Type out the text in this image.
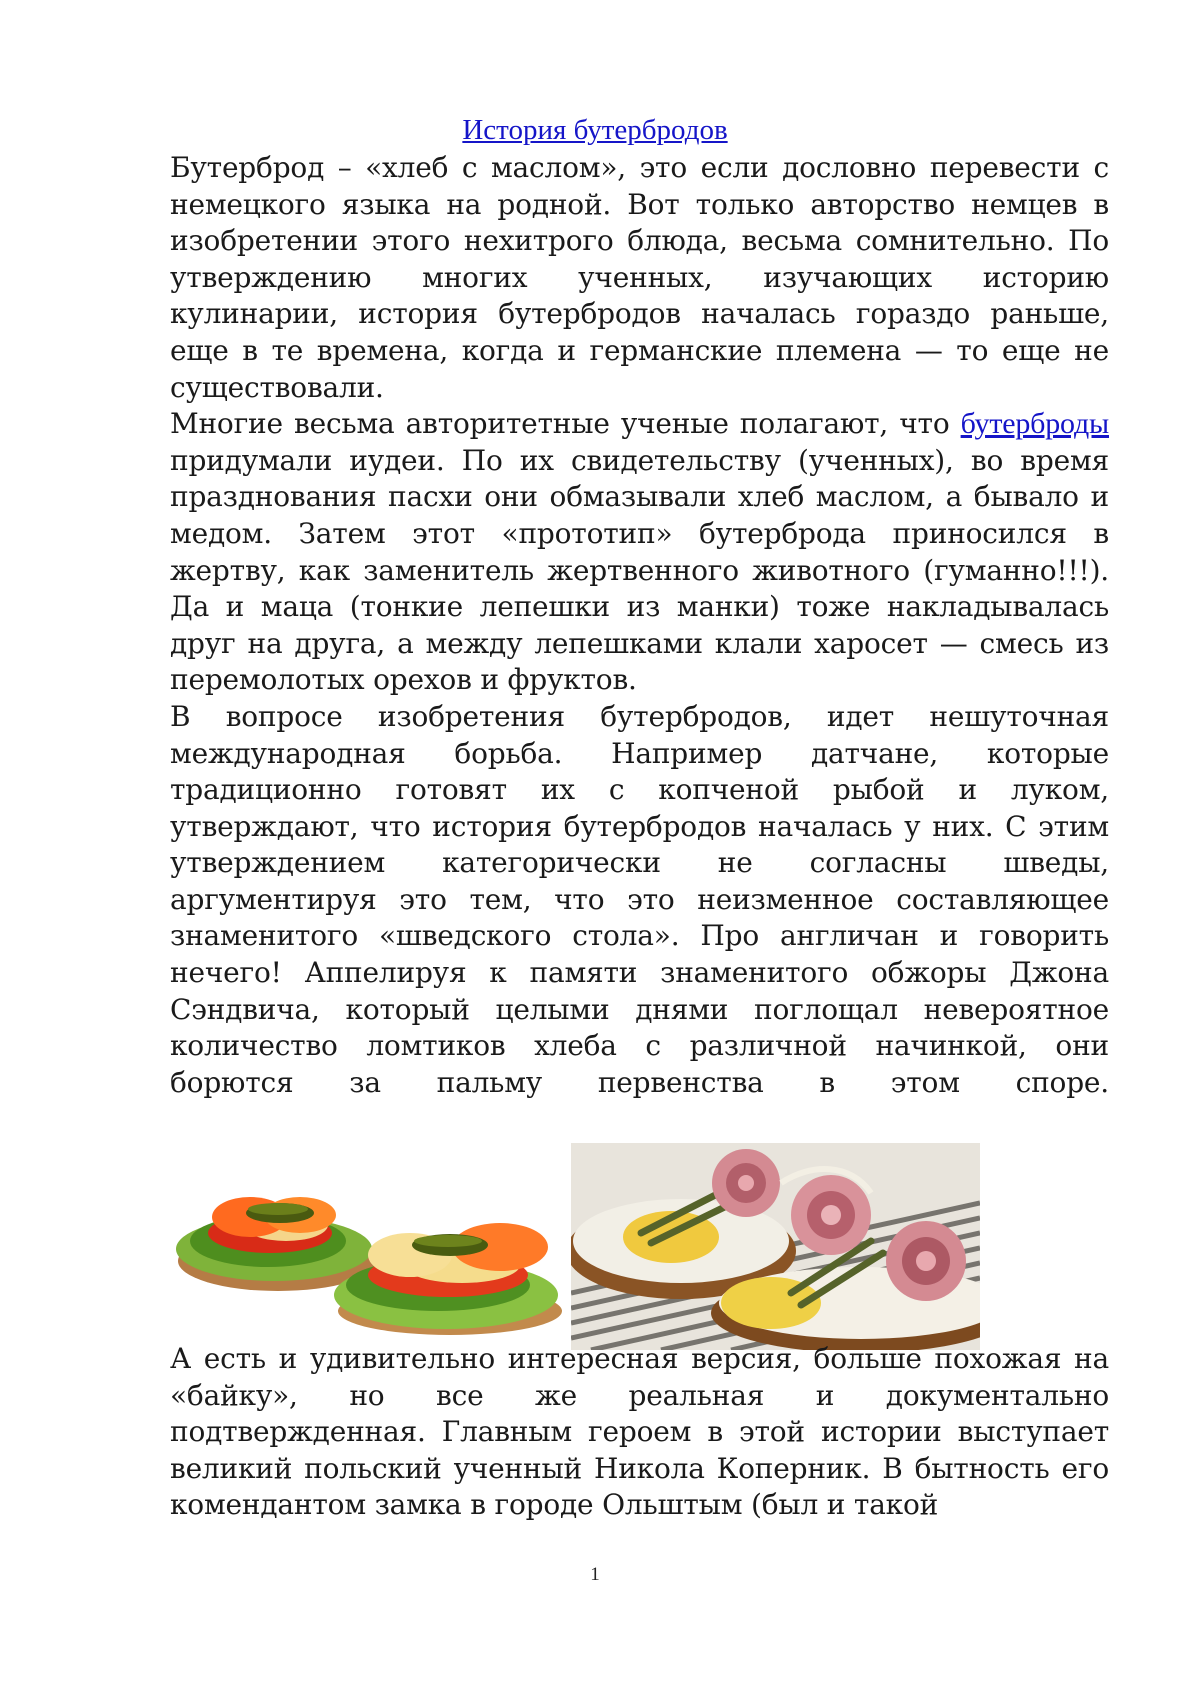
История бутербродов

Бутерброд – «хлеб с маслом», это если дословно перевести с немецкого языка на родной. Вот только авторство немцев в изобретении этого нехитрого блюда, весьма сомнительно. По утверждению многих ученных, изучающих историю кулинарии, история бутербродов началась гораздо раньше, еще в те времена, когда и германские племена — то еще не существовали.

Многие весьма авторитетные ученые полагают, что бутерброды придумали иудеи. По их свидетельству (ученных), во время празднования пасхи они обмазывали хлеб маслом, а бывало и медом. Затем этот «прототип» бутерброда приносился в жертву, как заменитель жертвенного животного (гуманно!!!). Да и маца (тонкие лепешки из манки) тоже накладывалась друг на друга, а между лепешками клали харосет — смесь из перемолотых орехов и фруктов.

В вопросе изобретения бутербродов, идет нешуточная международная борьба. Например датчане, которые традиционно готовят их с копченой рыбой и луком, утверждают, что история бутербродов началась у них. С этим утверждением категорически не согласны шведы, аргументируя это тем, что это неизменное составляющее знаменитого «шведского стола». Про англичан и говорить нечего! Аппелируя к памяти знаменитого обжоры Джона Сэндвича, который целыми днями поглощал невероятное количество ломтиков хлеба с различной начинкой, они борются за пальму первенства в этом споре.

А есть и удивительно интересная версия, больше похожая на «байку», но все же реальная и документально подтвержденная. Главным героем в этой истории выступает великий польский ученный Никола Коперник. В бытность его комендантом замка в городе Ольштым (был и такой

1
